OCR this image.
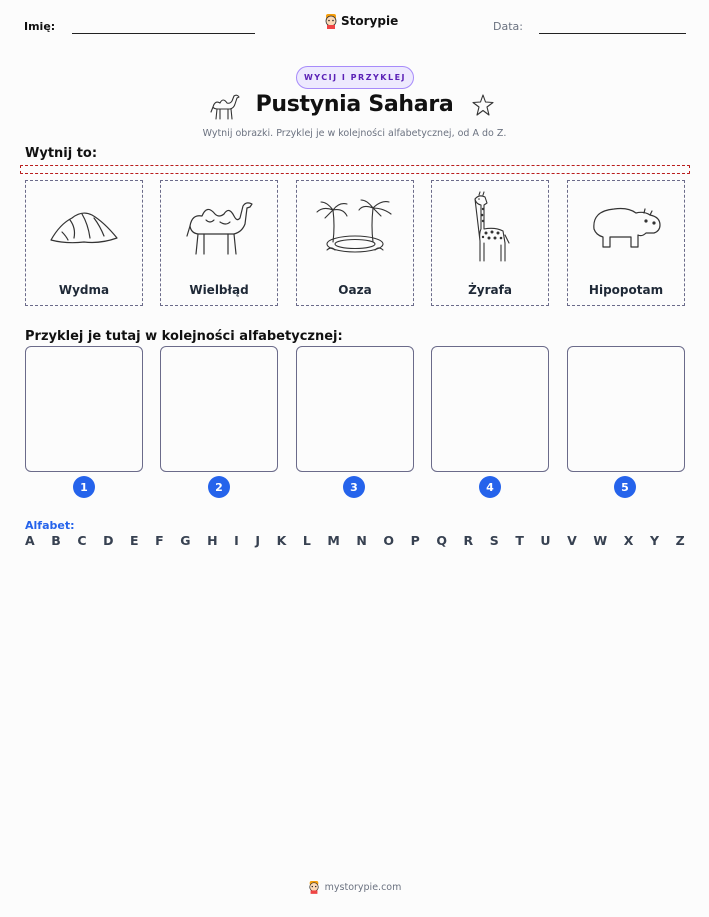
Imię:	Storypie	Data:
WYCIJ I PRZYKLEJ
Pustynia Sahara
Wytnij obrazki. Przyklej je w kolejności alfabetycznej, od A do Z.
Wytnij to:
Wydma	Wielbłąd	Oaza	Żyrafa	Hipopotam
Przyklej je tutaj w kolejności alfabetycznej:
1	2	3	4	5
Alfabet:
A B C D E F G H I J K L M N O P Q R S T U V W X Y Z
mystorypie.com
